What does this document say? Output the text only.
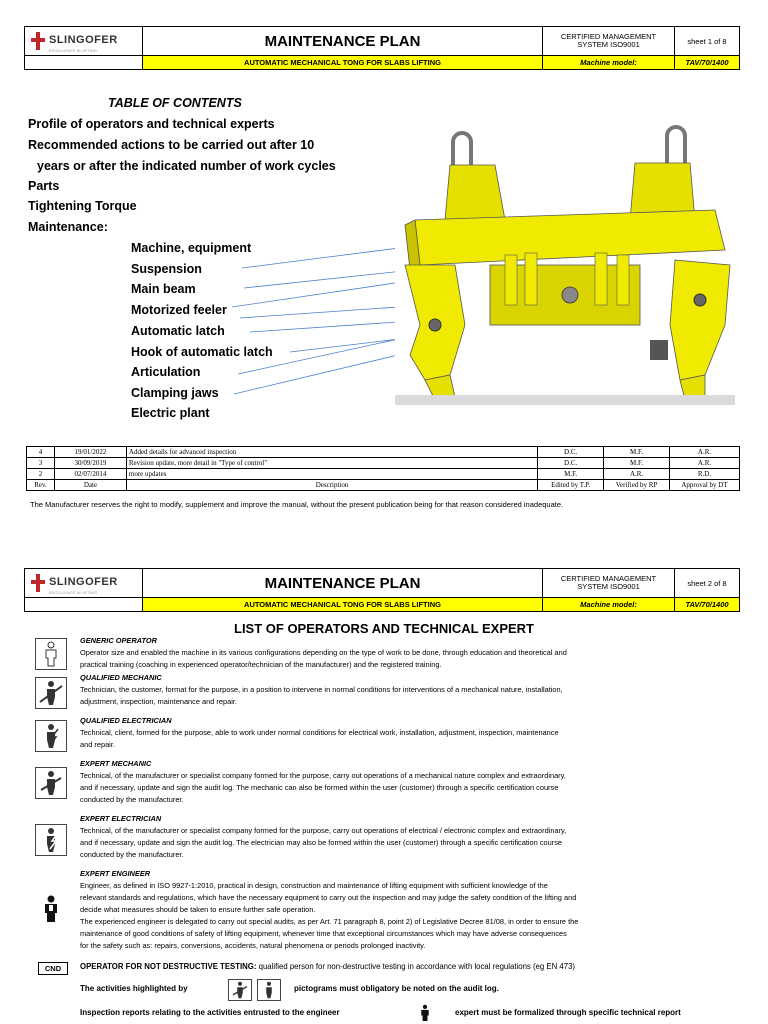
SLINGOFER
EXCELLENCE IN LIFTING
MAINTENANCE PLAN	CERTIFIED MANAGEMENT
SYSTEM ISO9001	sheet 1 of 8
AUTOMATIC MECHANICAL TONG FOR SLABS LIFTING	Machine model:	TAV/70/1400
TABLE OF CONTENTS
Profile of operators and technical experts
Recommended actions to be carried out after 10
years or after the indicated number of work cycles
Parts
Tightening Torque
Maintenance:
Machine, equipment
Suspension
Main beam
Motorized feeler
Automatic latch
Hook of automatic latch
Articulation
Clamping jaws
Electric plant
4	19/01/2022	Added details for advanced inspection	D.C.	M.F.	A.R.
3	30/09/2019	Revision update, more detail in "Type of control"	D.C.	M.F.	A.R.
2	02/07/2014	more updates	M.F.	A.R.	R.D.
Rev.	Date	Description	Edited by T.P.	Verified by RP	Approval by DT
The Manufacturer reserves the right to modify, supplement and improve the manual, without the present publication being for that reason considered inadequate.
SLINGOFER
EXCELLENCE IN LIFTING
MAINTENANCE PLAN	CERTIFIED MANAGEMENT
SYSTEM ISO9001	sheet 2 of 8
AUTOMATIC MECHANICAL TONG FOR SLABS LIFTING	Machine model:	TAV/70/1400
LIST OF OPERATORS AND TECHNICAL EXPERT
GENERIC OPERATOR
Operator size and enabled the machine in its various configurations depending on the type of work to be done, through education and theoretical and
practical training (coaching in experienced operator/technician of the manufacturer) and the registered training.
QUALIFIED MECHANIC
Technician, the customer, format for the purpose, in a position to intervene in normal conditions for interventions of a mechanical nature, installation,
adjustment, inspection, maintenance and repair.
QUALIFIED ELECTRICIAN
Technical, client, formed for the purpose, able to work under normal conditions for electrical work, installation, adjustment, inspection, maintenance
and repair.
EXPERT MECHANIC
Technical, of the manufacturer or specialist company formed for the purpose, carry out operations of a mechanical nature complex and extraordinary,
and if necessary, update and sign the audit log. The mechanic can also be formed within the user (customer) through a specific certification course
conducted by the manufacturer.
EXPERT ELECTRICIAN
Technical, of the manufacturer or specialist company formed for the purpose, carry out operations of electrical / electronic complex and extraordinary,
and if necessary, update and sign the audit log. The electrician may also be formed within the user (customer) through a specific certification course
conducted by the manufacturer.
EXPERT ENGINEER
Engineer, as defined in ISO 9927-1:2010, practical in design, construction and maintenance of lifting equipment with sufficient knowledge of the
relevant standards and regulations, which have the necessary equipment to carry out the inspection and may judge the safety condition of the lifting and
decide what measures should be taken to ensure further safe operation.
The experienced engineer is delegated to carry out special audits, as per Art. 71 paragraph 8, point 2) of Legislative Decree 81/08, in order to ensure the
maintenance of good conditions of safety of lifting equipment, whenever time that exceptional circumstances which may have adverse consequences
for the safety such as: repairs, conversions, accidents, natural phenomena or periods prolonged inactivity.
CND	OPERATOR FOR NOT DESTRUCTIVE TESTING: qualified person for non-destructive testing in accordance with local regulations (eg EN 473)
The activities highlighted by	pictograms must obligatory be noted on the audit log.
Inspection reports relating to the activities entrusted to the engineer	expert must be formalized through specific technical report
